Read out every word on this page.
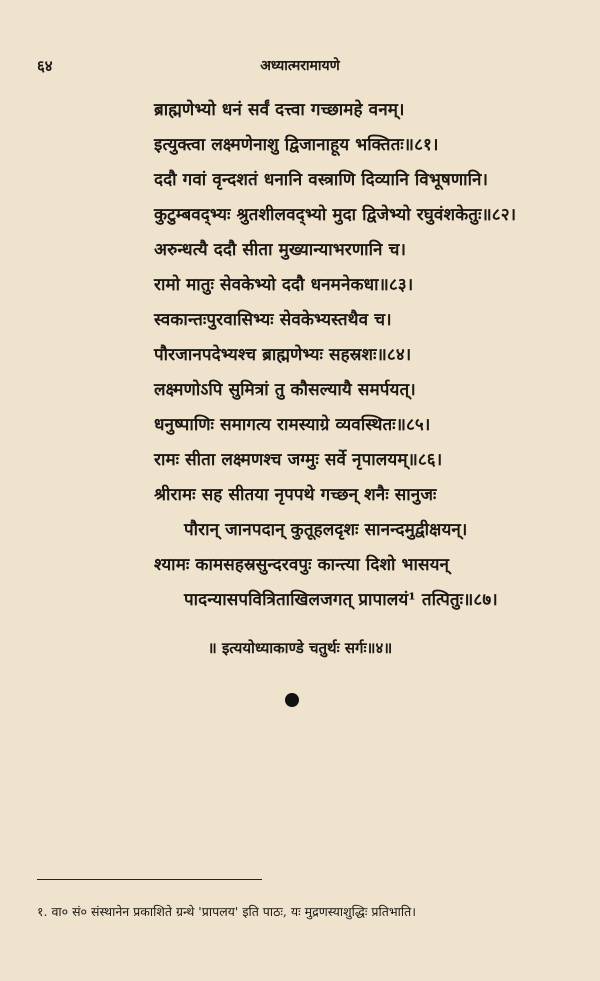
६४	अध्यात्मरामायणे
ब्राह्मणेभ्यो धनं सर्वं दत्त्वा गच्छामहे वनम्।
इत्युक्त्वा लक्ष्मणेनाशु द्विजानाहूय भक्तितः॥८१।
ददौ गवां वृन्दशतं धनानि वस्त्राणि दिव्यानि विभूषणानि।
कुटुम्बवद्भ्यः श्रुतशीलवद्भ्यो मुदा द्विजेभ्यो रघुवंशकेतुः॥८२।
अरुन्धत्यै ददौ सीता मुख्यान्याभरणानि च।
रामो मातुः सेवकेभ्यो ददौ धनमनेकधा॥८३।
स्वकान्तःपुरवासिभ्यः सेवकेभ्यस्तथैव च।
पौरजानपदेभ्यश्च ब्राह्मणेभ्यः सहस्रशः॥८४।
लक्ष्मणोऽपि सुमित्रां तु कौसल्यायै समर्पयत्।
धनुष्पाणिः समागत्य रामस्याग्रे व्यवस्थितः॥८५।
रामः सीता लक्ष्मणश्च जग्मुः सर्वे नृपालयम्॥८६।
श्रीरामः सह सीतया नृपपथे गच्छन् शनैः सानुजः
पौरान् जानपदान् कुतूहलदृशः सानन्दमुद्वीक्षयन्।
श्यामः कामसहस्रसुन्दरवपुः कान्त्या दिशो भासयन्
पादन्यासपवित्रिताखिलजगत् प्रापालयं¹ तत्पितुः॥८७।
॥ इत्ययोध्याकाण्डे चतुर्थः सर्गः॥४॥
१. वा० सं० संस्थानेन प्रकाशिते ग्रन्थे 'प्रापलय' इति पाठः, यः मुद्रणस्याशुद्धिः प्रतिभाति।
